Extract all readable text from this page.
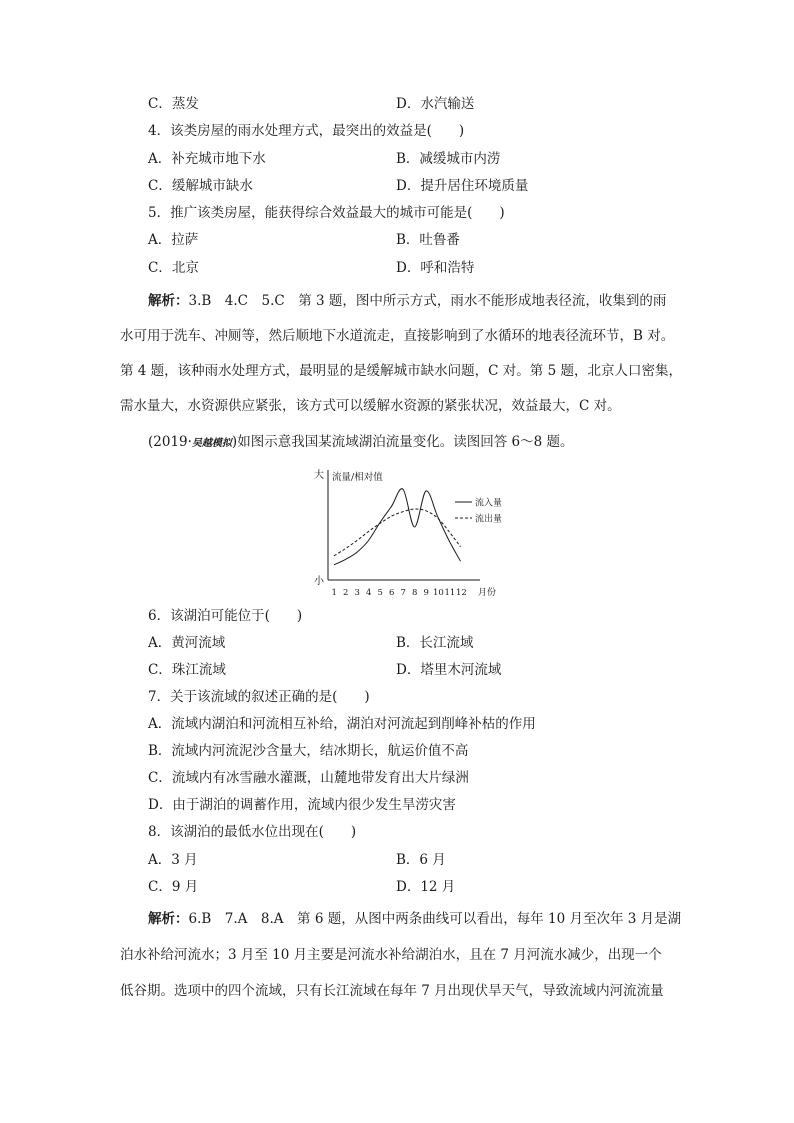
C．蒸发	D．水汽输送
4．该类房屋的雨水处理方式，最突出的效益是(　　)
A．补充城市地下水	B．减缓城市内涝
C．缓解城市缺水	D．提升居住环境质量
5．推广该类房屋，能获得综合效益最大的城市可能是(　　)
A．拉萨	B．吐鲁番
C．北京	D．呼和浩特
解析：3.B　4.C　5.C　第 3 题，图中所示方式，雨水不能形成地表径流，收集到的雨
水可用于洗车、冲厕等，然后顺地下水道流走，直接影响到了水循环的地表径流环节，B 对。
第 4 题，该种雨水处理方式，最明显的是缓解城市缺水问题，C 对。第 5 题，北京人口密集，
需水量大，水资源供应紧张，该方式可以缓解水资源的紧张状况，效益最大，C 对。
(2019·吴越模拟)如图示意我国某流域湖泊流量变化。读图回答 6～8 题。
大
小
流量/相对值
月份
1 2 3 4 5 6 7 8 9 10 11 12
流入量
流出量
6．该湖泊可能位于(　　)
A．黄河流域	B．长江流域
C．珠江流域	D．塔里木河流域
7．关于该流域的叙述正确的是(　　)
A．流域内湖泊和河流相互补给，湖泊对河流起到削峰补枯的作用
B．流域内河流泥沙含量大，结冰期长，航运价值不高
C．流域内有冰雪融水灌溉，山麓地带发育出大片绿洲
D．由于湖泊的调蓄作用，流域内很少发生旱涝灾害
8．该湖泊的最低水位出现在(　　)
A．3 月	B．6 月
C．9 月	D．12 月
解析：6.B　7.A　8.A　第 6 题，从图中两条曲线可以看出，每年 10 月至次年 3 月是湖
泊水补给河流水；3 月至 10 月主要是河流水补给湖泊水，且在 7 月河流水减少，出现一个
低谷期。选项中的四个流域，只有长江流域在每年 7 月出现伏旱天气，导致流域内河流流量
